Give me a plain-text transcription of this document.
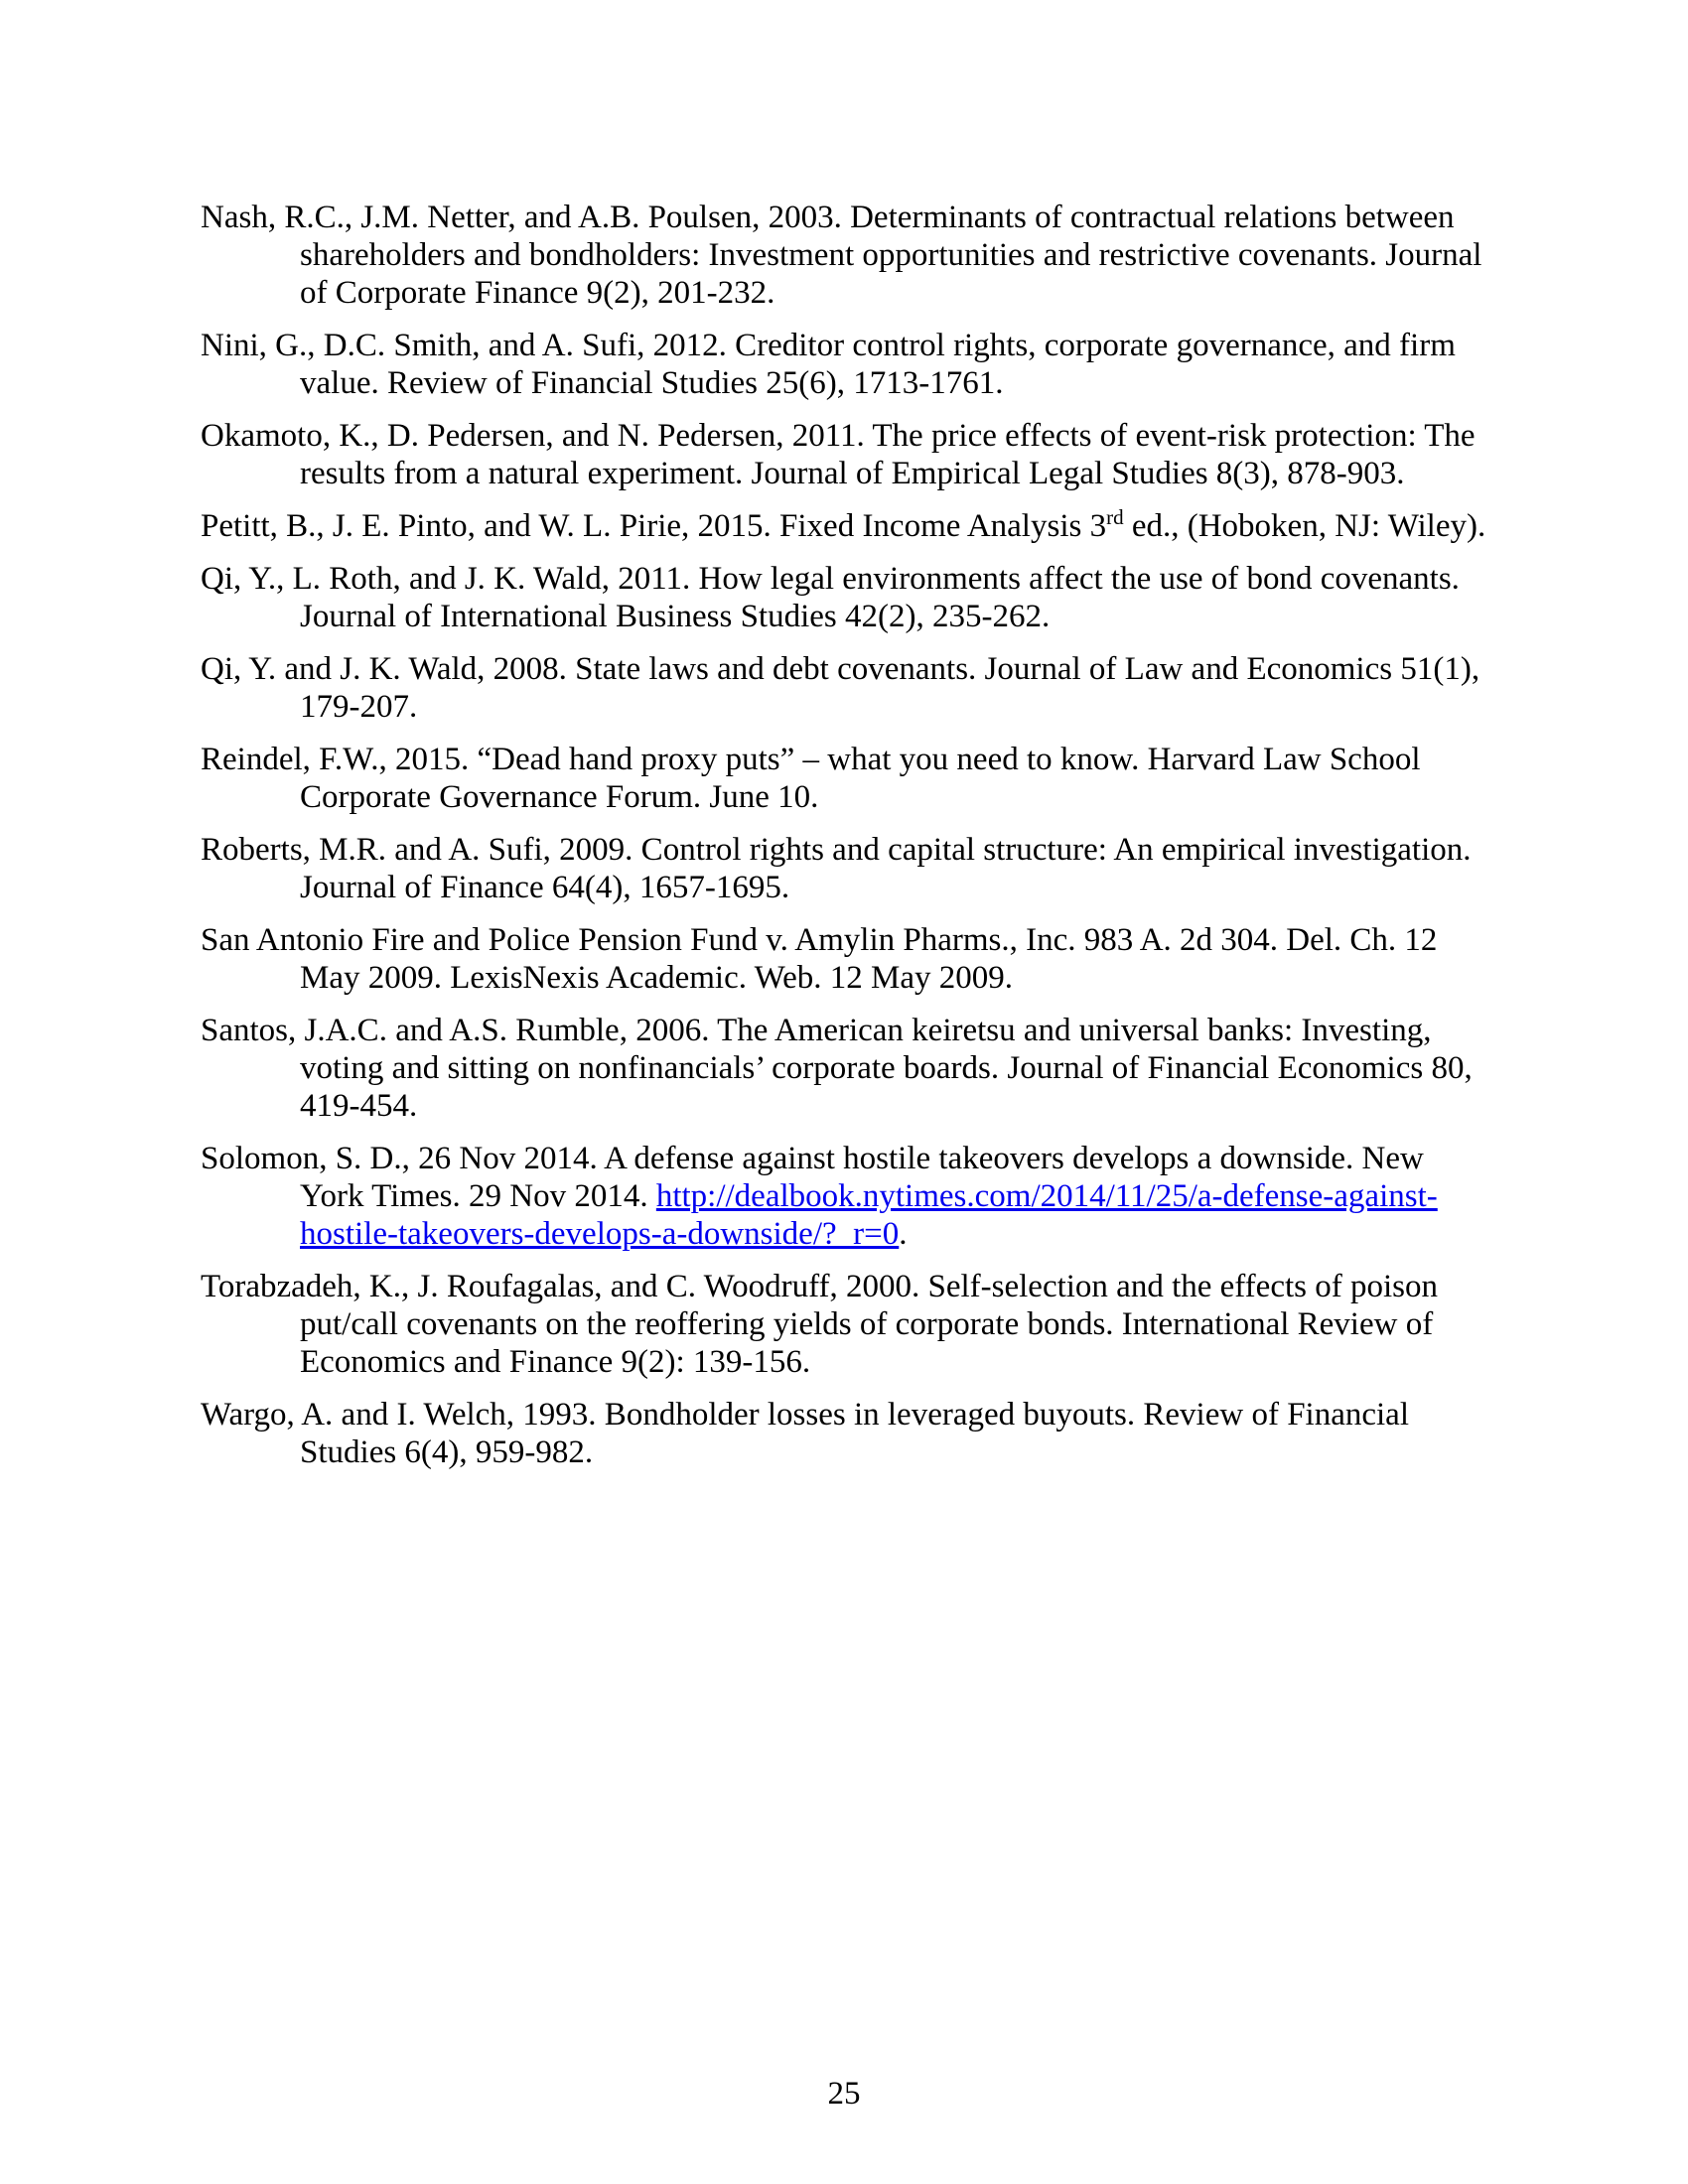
Nash, R.C., J.M. Netter, and A.B. Poulsen, 2003. Determinants of contractual relations between shareholders and bondholders: Investment opportunities and restrictive covenants. Journal of Corporate Finance 9(2), 201-232.

Nini, G., D.C. Smith, and A. Sufi, 2012. Creditor control rights, corporate governance, and firm value. Review of Financial Studies 25(6), 1713-1761.

Okamoto, K., D. Pedersen, and N. Pedersen, 2011. The price effects of event-risk protection: The results from a natural experiment. Journal of Empirical Legal Studies 8(3), 878-903.

Petitt, B., J. E. Pinto, and W. L. Pirie, 2015. Fixed Income Analysis 3rd ed., (Hoboken, NJ: Wiley).

Qi, Y., L. Roth, and J. K. Wald, 2011. How legal environments affect the use of bond covenants. Journal of International Business Studies 42(2), 235-262.

Qi, Y. and J. K. Wald, 2008. State laws and debt covenants. Journal of Law and Economics 51(1), 179-207.

Reindel, F.W., 2015. “Dead hand proxy puts” – what you need to know. Harvard Law School Corporate Governance Forum. June 10.

Roberts, M.R. and A. Sufi, 2009. Control rights and capital structure: An empirical investigation. Journal of Finance 64(4), 1657-1695.

San Antonio Fire and Police Pension Fund v. Amylin Pharms., Inc. 983 A. 2d 304. Del. Ch. 12 May 2009. LexisNexis Academic. Web. 12 May 2009.

Santos, J.A.C. and A.S. Rumble, 2006. The American keiretsu and universal banks: Investing, voting and sitting on nonfinancials’ corporate boards. Journal of Financial Economics 80, 419-454.

Solomon, S. D., 26 Nov 2014. A defense against hostile takeovers develops a downside. New York Times. 29 Nov 2014. http://dealbook.nytimes.com/2014/11/25/a-defense-against-hostile-takeovers-develops-a-downside/?_r=0.

Torabzadeh, K., J. Roufagalas, and C. Woodruff, 2000. Self-selection and the effects of poison put/call covenants on the reoffering yields of corporate bonds. International Review of Economics and Finance 9(2): 139-156.

Wargo, A. and I. Welch, 1993. Bondholder losses in leveraged buyouts. Review of Financial Studies 6(4), 959-982.

25
